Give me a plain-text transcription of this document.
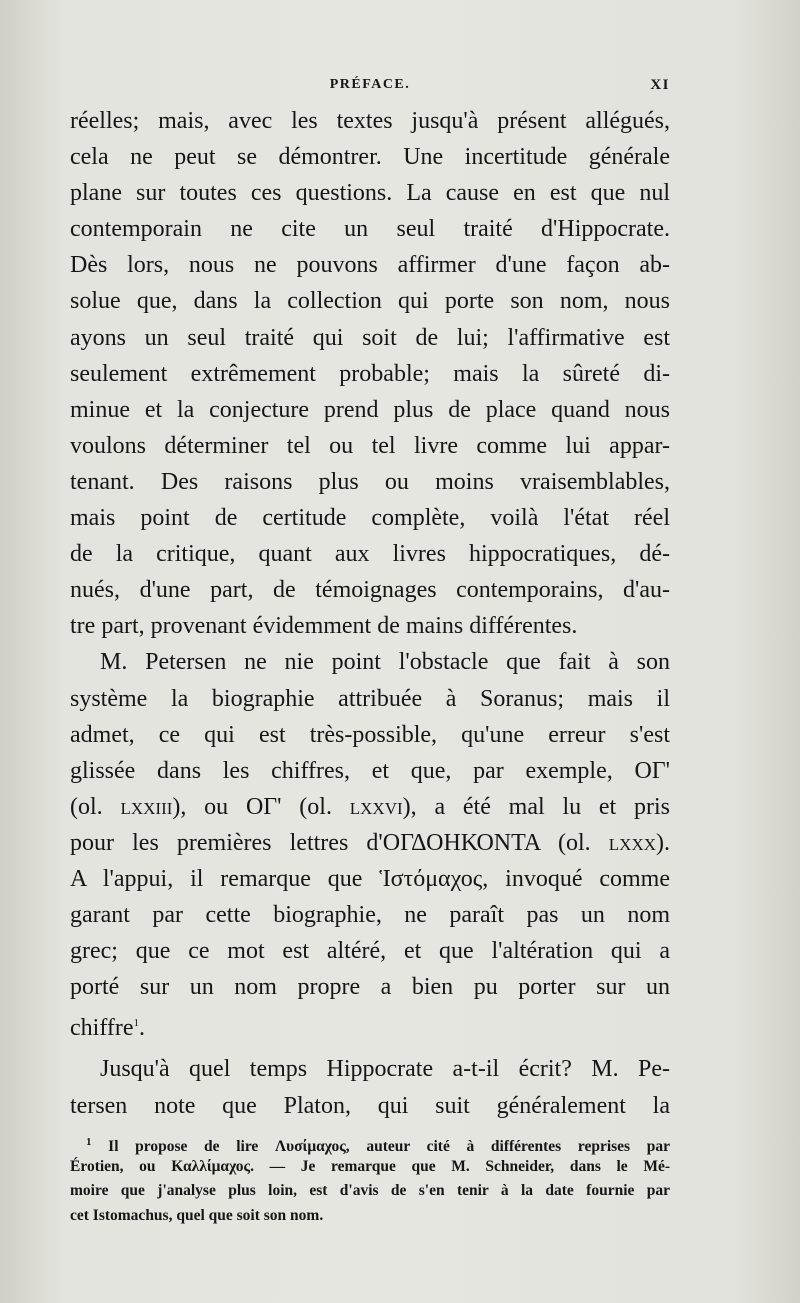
PRÉFACE.	XI
réelles; mais, avec les textes jusqu'à présent allégués,
cela ne peut se démontrer. Une incertitude générale
plane sur toutes ces questions. La cause en est que nul
contemporain ne cite un seul traité d'Hippocrate.
Dès lors, nous ne pouvons affirmer d'une façon ab-
solue que, dans la collection qui porte son nom, nous
ayons un seul traité qui soit de lui; l'affirmative est
seulement extrêmement probable; mais la sûreté di-
minue et la conjecture prend plus de place quand nous
voulons déterminer tel ou tel livre comme lui appar-
tenant. Des raisons plus ou moins vraisemblables,
mais point de certitude complète, voilà l'état réel
de la critique, quant aux livres hippocratiques, dé-
nués, d'une part, de témoignages contemporains, d'au-
tre part, provenant évidemment de mains différentes.
M. Petersen ne nie point l'obstacle que fait à son
système la biographie attribuée à Soranus; mais il
admet, ce qui est très-possible, qu'une erreur s'est
glissée dans les chiffres, et que, par exemple, ΟΓ'
(ol. lxxiii), ou ΟΓ' (ol. lxxvi), a été mal lu et pris
pour les premières lettres d'ΟΓΔΟΗΚΟΝΤΑ (ol. lxxx).
A l'appui, il remarque que Ἱστόμαχος, invoqué comme
garant par cette biographie, ne paraît pas un nom
grec; que ce mot est altéré, et que l'altération qui a
porté sur un nom propre a bien pu porter sur un
chiffre$^1$.
Jusqu'à quel temps Hippocrate a-t-il écrit? M. Pe-
tersen note que Platon, qui suit généralement la
$^1$ Il propose de lire Λυσίμαχος, auteur cité à différentes reprises par
Érotien, ou Καλλίμαχος. — Je remarque que M. Schneider, dans le Mé-
moire que j'analyse plus loin, est d'avis de s'en tenir à la date fournie par
cet Istomachus, quel que soit son nom.
